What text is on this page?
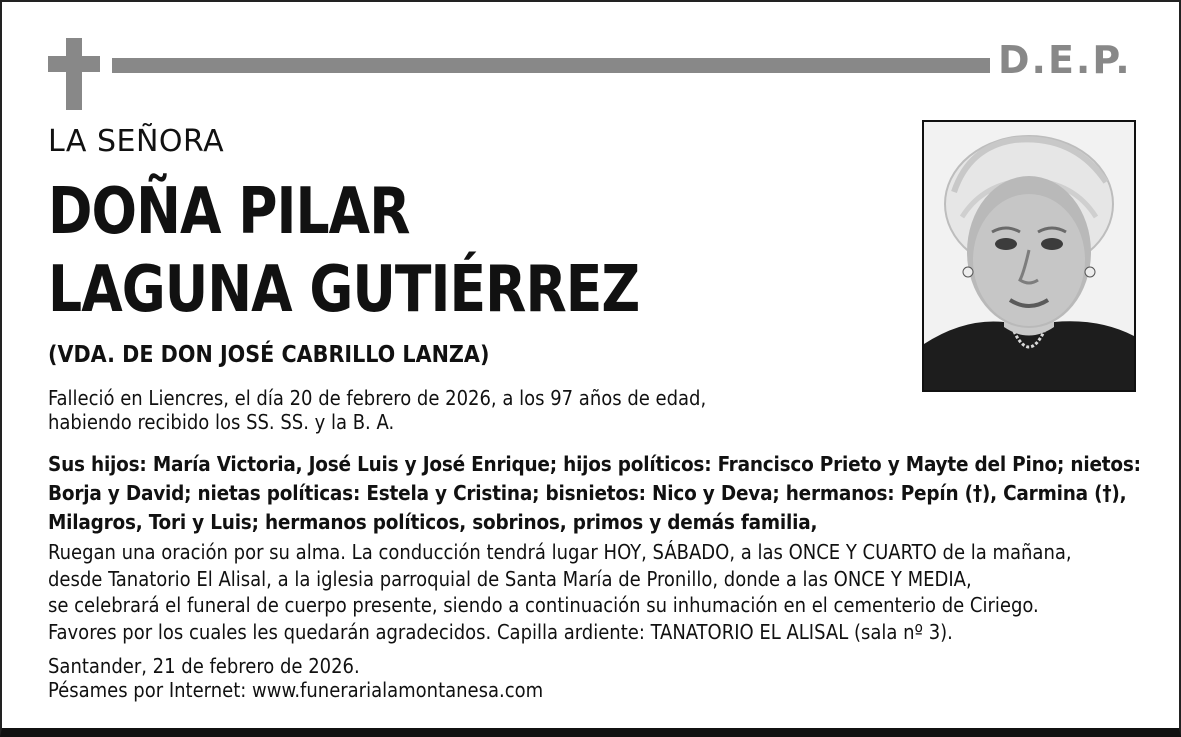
D.E.P.
LA SEÑORA
DOÑA PILAR
LAGUNA GUTIÉRREZ
(VDA. DE DON JOSÉ CABRILLO LANZA)

Falleció en Liencres, el día 20 de febrero de 2026, a los 97 años de edad,
habiendo recibido los SS. SS. y la B. A.

Sus hijos: María Victoria, José Luis y José Enrique; hijos políticos: Francisco Prieto y Mayte del Pino; nietos:
Borja y David; nietas políticas: Estela y Cristina; bisnietos: Nico y Deva; hermanos: Pepín (†), Carmina (†),
Milagros, Tori y Luis; hermanos políticos, sobrinos, primos y demás familia,

Ruegan una oración por su alma. La conducción tendrá lugar HOY, SÁBADO, a las ONCE Y CUARTO de la mañana,
desde Tanatorio El Alisal, a la iglesia parroquial de Santa María de Pronillo, donde a las ONCE Y MEDIA,
se celebrará el funeral de cuerpo presente, siendo a continuación su inhumación en el cementerio de Ciriego.
Favores por los cuales les quedarán agradecidos. Capilla ardiente: TANATORIO EL ALISAL (sala nº 3).

Santander, 21 de febrero de 2026.
Pésames por Internet: www.funerarialamontanesa.com
